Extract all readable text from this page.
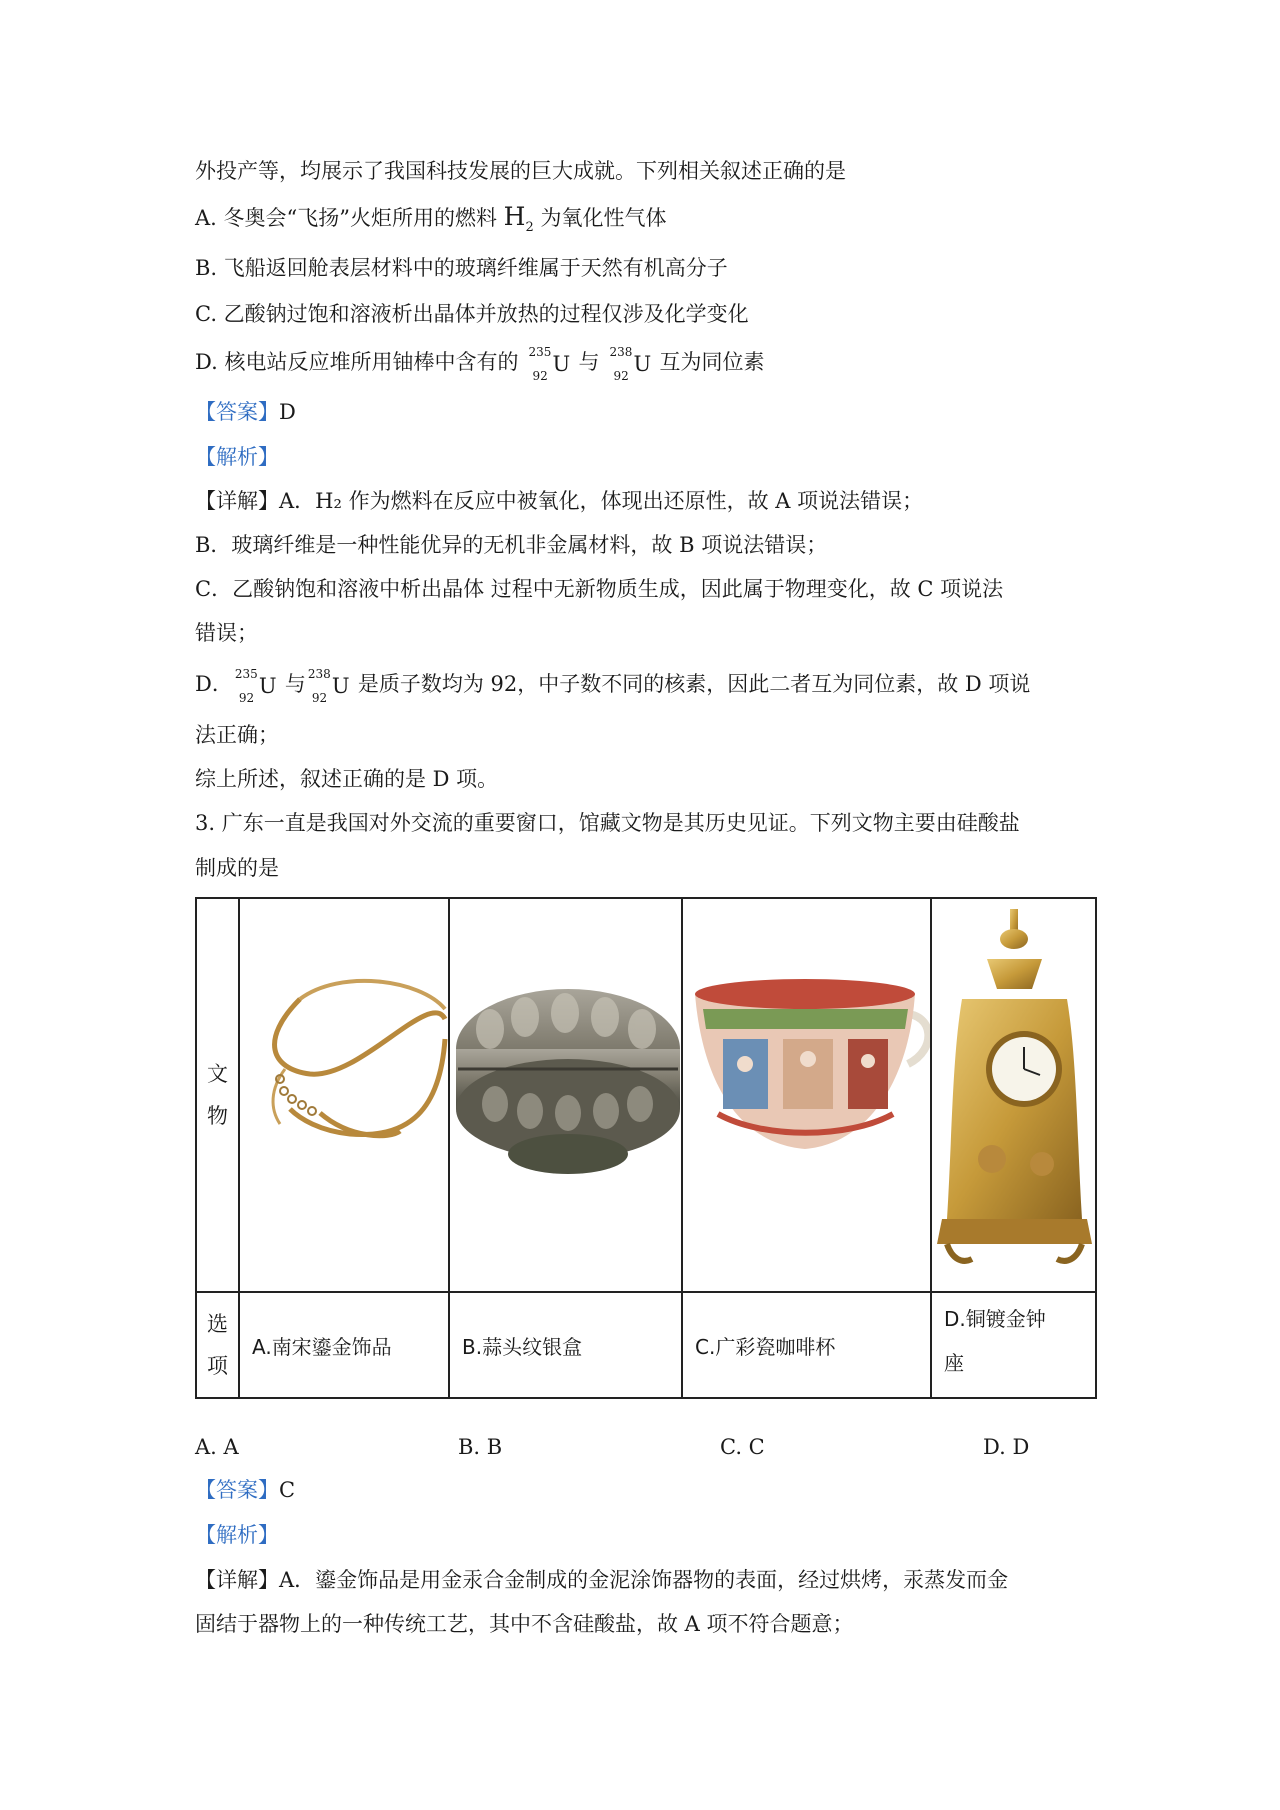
外投产等，均展示了我国科技发展的巨大成就。下列相关叙述正确的是
A. 冬奥会“飞扬”火炬所用的燃料 $H_2$ 为氧化性气体
B. 飞船返回舱表层材料中的玻璃纤维属于天然有机高分子
C. 乙酸钠过饱和溶液析出晶体并放热的过程仅涉及化学变化
D. 核电站反应堆所用铀棒中含有的 235
92 U 与 238
92 U 互为同位素
【答案】D
【解析】
【详解】A．H₂ 作为燃料在反应中被氧化，体现出还原性，故 A 项说法错误；
B．玻璃纤维是一种性能优异的无机非金属材料，故 B 项说法错误；
C．乙酸钠饱和溶液中析出晶体 过程中无新物质生成，因此属于物理变化，故 C 项说法
错误；
D． 235
92 U 与 238
92 U 是质子数均为 92，中子数不同的核素，因此二者互为同位素，故 D 项说
法正确；
综上所述，叙述正确的是 D 项。
3. 广东一直是我国对外交流的重要窗口，馆藏文物是其历史见证。下列文物主要由硅酸盐
制成的是
文
物	

选
项	A.南宋鎏金饰品	B.蒜头纹银盒	C.广彩瓷咖啡杯	D.铜镀金钟
座
A. A	B. B	C. C	D. D
【答案】C
【解析】
【详解】A．鎏金饰品是用金汞合金制成的金泥涂饰器物的表面，经过烘烤，汞蒸发而金
固结于器物上的一种传统工艺，其中不含硅酸盐，故 A 项不符合题意；
